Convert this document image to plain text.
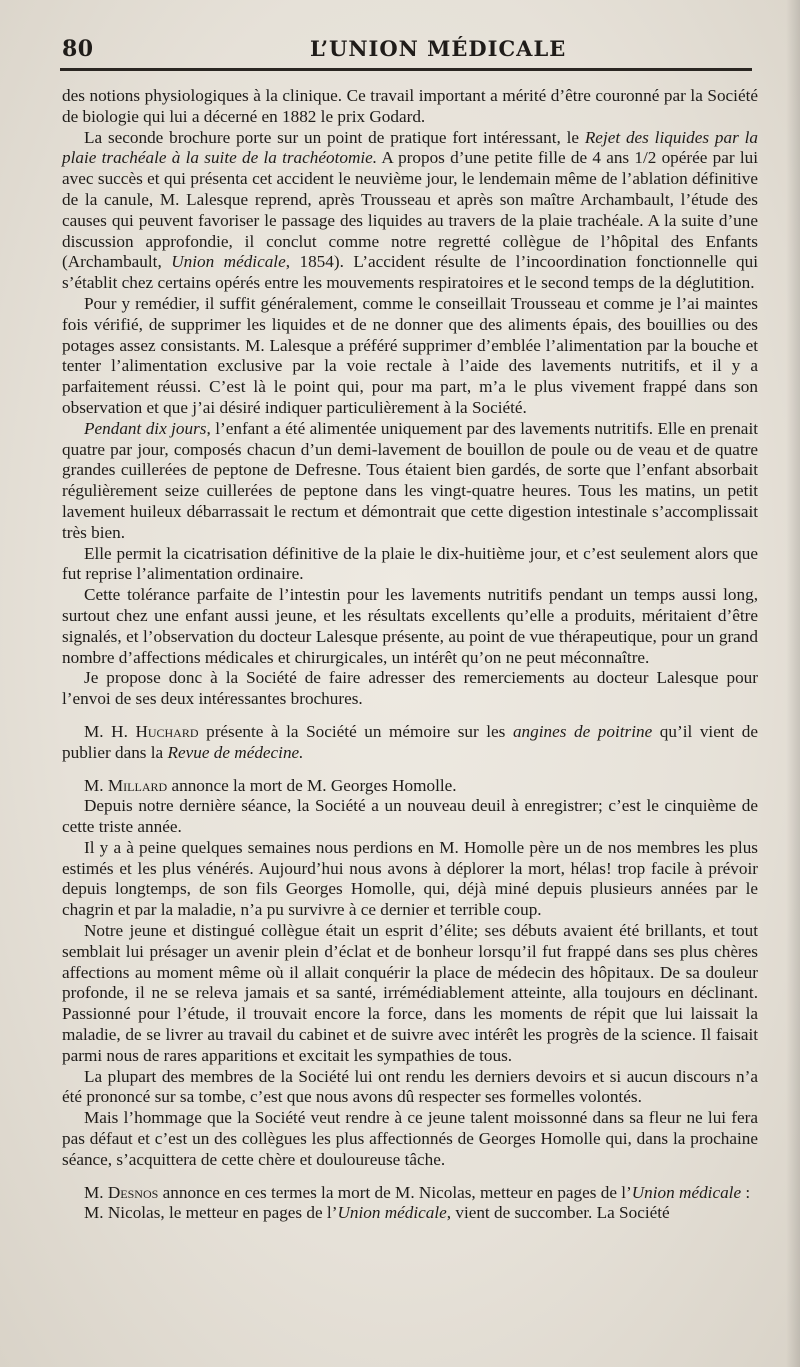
80	L’UNION MÉDICALE

des notions physiologiques à la clinique. Ce travail important a mérité d’être couronné par la Société de biologie qui lui a décerné en 1882 le prix Godard.

La seconde brochure porte sur un point de pratique fort intéressant, le Rejet des liquides par la plaie trachéale à la suite de la trachéotomie. A propos d’une petite fille de 4 ans 1/2 opérée par lui avec succès et qui présenta cet accident le neuvième jour, le lendemain même de l’ablation définitive de la canule, M. Lalesque reprend, après Trousseau et après son maître Archambault, l’étude des causes qui peuvent favoriser le passage des liquides au travers de la plaie trachéale. A la suite d’une discussion approfondie, il conclut comme notre regretté collègue de l’hôpital des Enfants (Archambault, Union médicale, 1854). L’accident résulte de l’incoordination fonctionnelle qui s’établit chez certains opérés entre les mouvements respiratoires et le second temps de la déglutition.

Pour y remédier, il suffit généralement, comme le conseillait Trousseau et comme je l’ai maintes fois vérifié, de supprimer les liquides et de ne donner que des aliments épais, des bouillies ou des potages assez consistants. M. Lalesque a préféré supprimer d’emblée l’alimentation par la bouche et tenter l’alimentation exclusive par la voie rectale à l’aide des lavements nutritifs, et il y a parfaitement réussi. C’est là le point qui, pour ma part, m’a le plus vivement frappé dans son observation et que j’ai désiré indiquer particulièrement à la Société.

Pendant dix jours, l’enfant a été alimentée uniquement par des lavements nutritifs. Elle en prenait quatre par jour, composés chacun d’un demi-lavement de bouillon de poule ou de veau et de quatre grandes cuillerées de peptone de Defresne. Tous étaient bien gardés, de sorte que l’enfant absorbait régulièrement seize cuillerées de peptone dans les vingt-quatre heures. Tous les matins, un petit lavement huileux débarrassait le rectum et démontrait que cette digestion intestinale s’accomplissait très bien.

Elle permit la cicatrisation définitive de la plaie le dix-huitième jour, et c’est seulement alors que fut reprise l’alimentation ordinaire.

Cette tolérance parfaite de l’intestin pour les lavements nutritifs pendant un temps aussi long, surtout chez une enfant aussi jeune, et les résultats excellents qu’elle a produits, méritaient d’être signalés, et l’observation du docteur Lalesque présente, au point de vue thérapeutique, pour un grand nombre d’affections médicales et chirurgicales, un intérêt qu’on ne peut méconnaître.

Je propose donc à la Société de faire adresser des remerciements au docteur Lalesque pour l’envoi de ses deux intéressantes brochures.

M. H. Huchard présente à la Société un mémoire sur les angines de poitrine qu’il vient de publier dans la Revue de médecine.

M. Millard annonce la mort de M. Georges Homolle.

Depuis notre dernière séance, la Société a un nouveau deuil à enregistrer; c’est le cinquième de cette triste année.

Il y a à peine quelques semaines nous perdions en M. Homolle père un de nos membres les plus estimés et les plus vénérés. Aujourd’hui nous avons à déplorer la mort, hélas! trop facile à prévoir depuis longtemps, de son fils Georges Homolle, qui, déjà miné depuis plusieurs années par le chagrin et par la maladie, n’a pu survivre à ce dernier et terrible coup.

Notre jeune et distingué collègue était un esprit d’élite; ses débuts avaient été brillants, et tout semblait lui présager un avenir plein d’éclat et de bonheur lorsqu’il fut frappé dans ses plus chères affections au moment même où il allait conquérir la place de médecin des hôpitaux. De sa douleur profonde, il ne se releva jamais et sa santé, irrémédiablement atteinte, alla toujours en déclinant. Passionné pour l’étude, il trouvait encore la force, dans les moments de répit que lui laissait la maladie, de se livrer au travail du cabinet et de suivre avec intérêt les progrès de la science. Il faisait parmi nous de rares apparitions et excitait les sympathies de tous.

La plupart des membres de la Société lui ont rendu les derniers devoirs et si aucun discours n’a été prononcé sur sa tombe, c’est que nous avons dû respecter ses formelles volontés.

Mais l’hommage que la Société veut rendre à ce jeune talent moissonné dans sa fleur ne lui fera pas défaut et c’est un des collègues les plus affectionnés de Georges Homolle qui, dans la prochaine séance, s’acquittera de cette chère et douloureuse tâche.

M. Desnos annonce en ces termes la mort de M. Nicolas, metteur en pages de l’Union médicale :

M. Nicolas, le metteur en pages de l’Union médicale, vient de succomber. La Société
